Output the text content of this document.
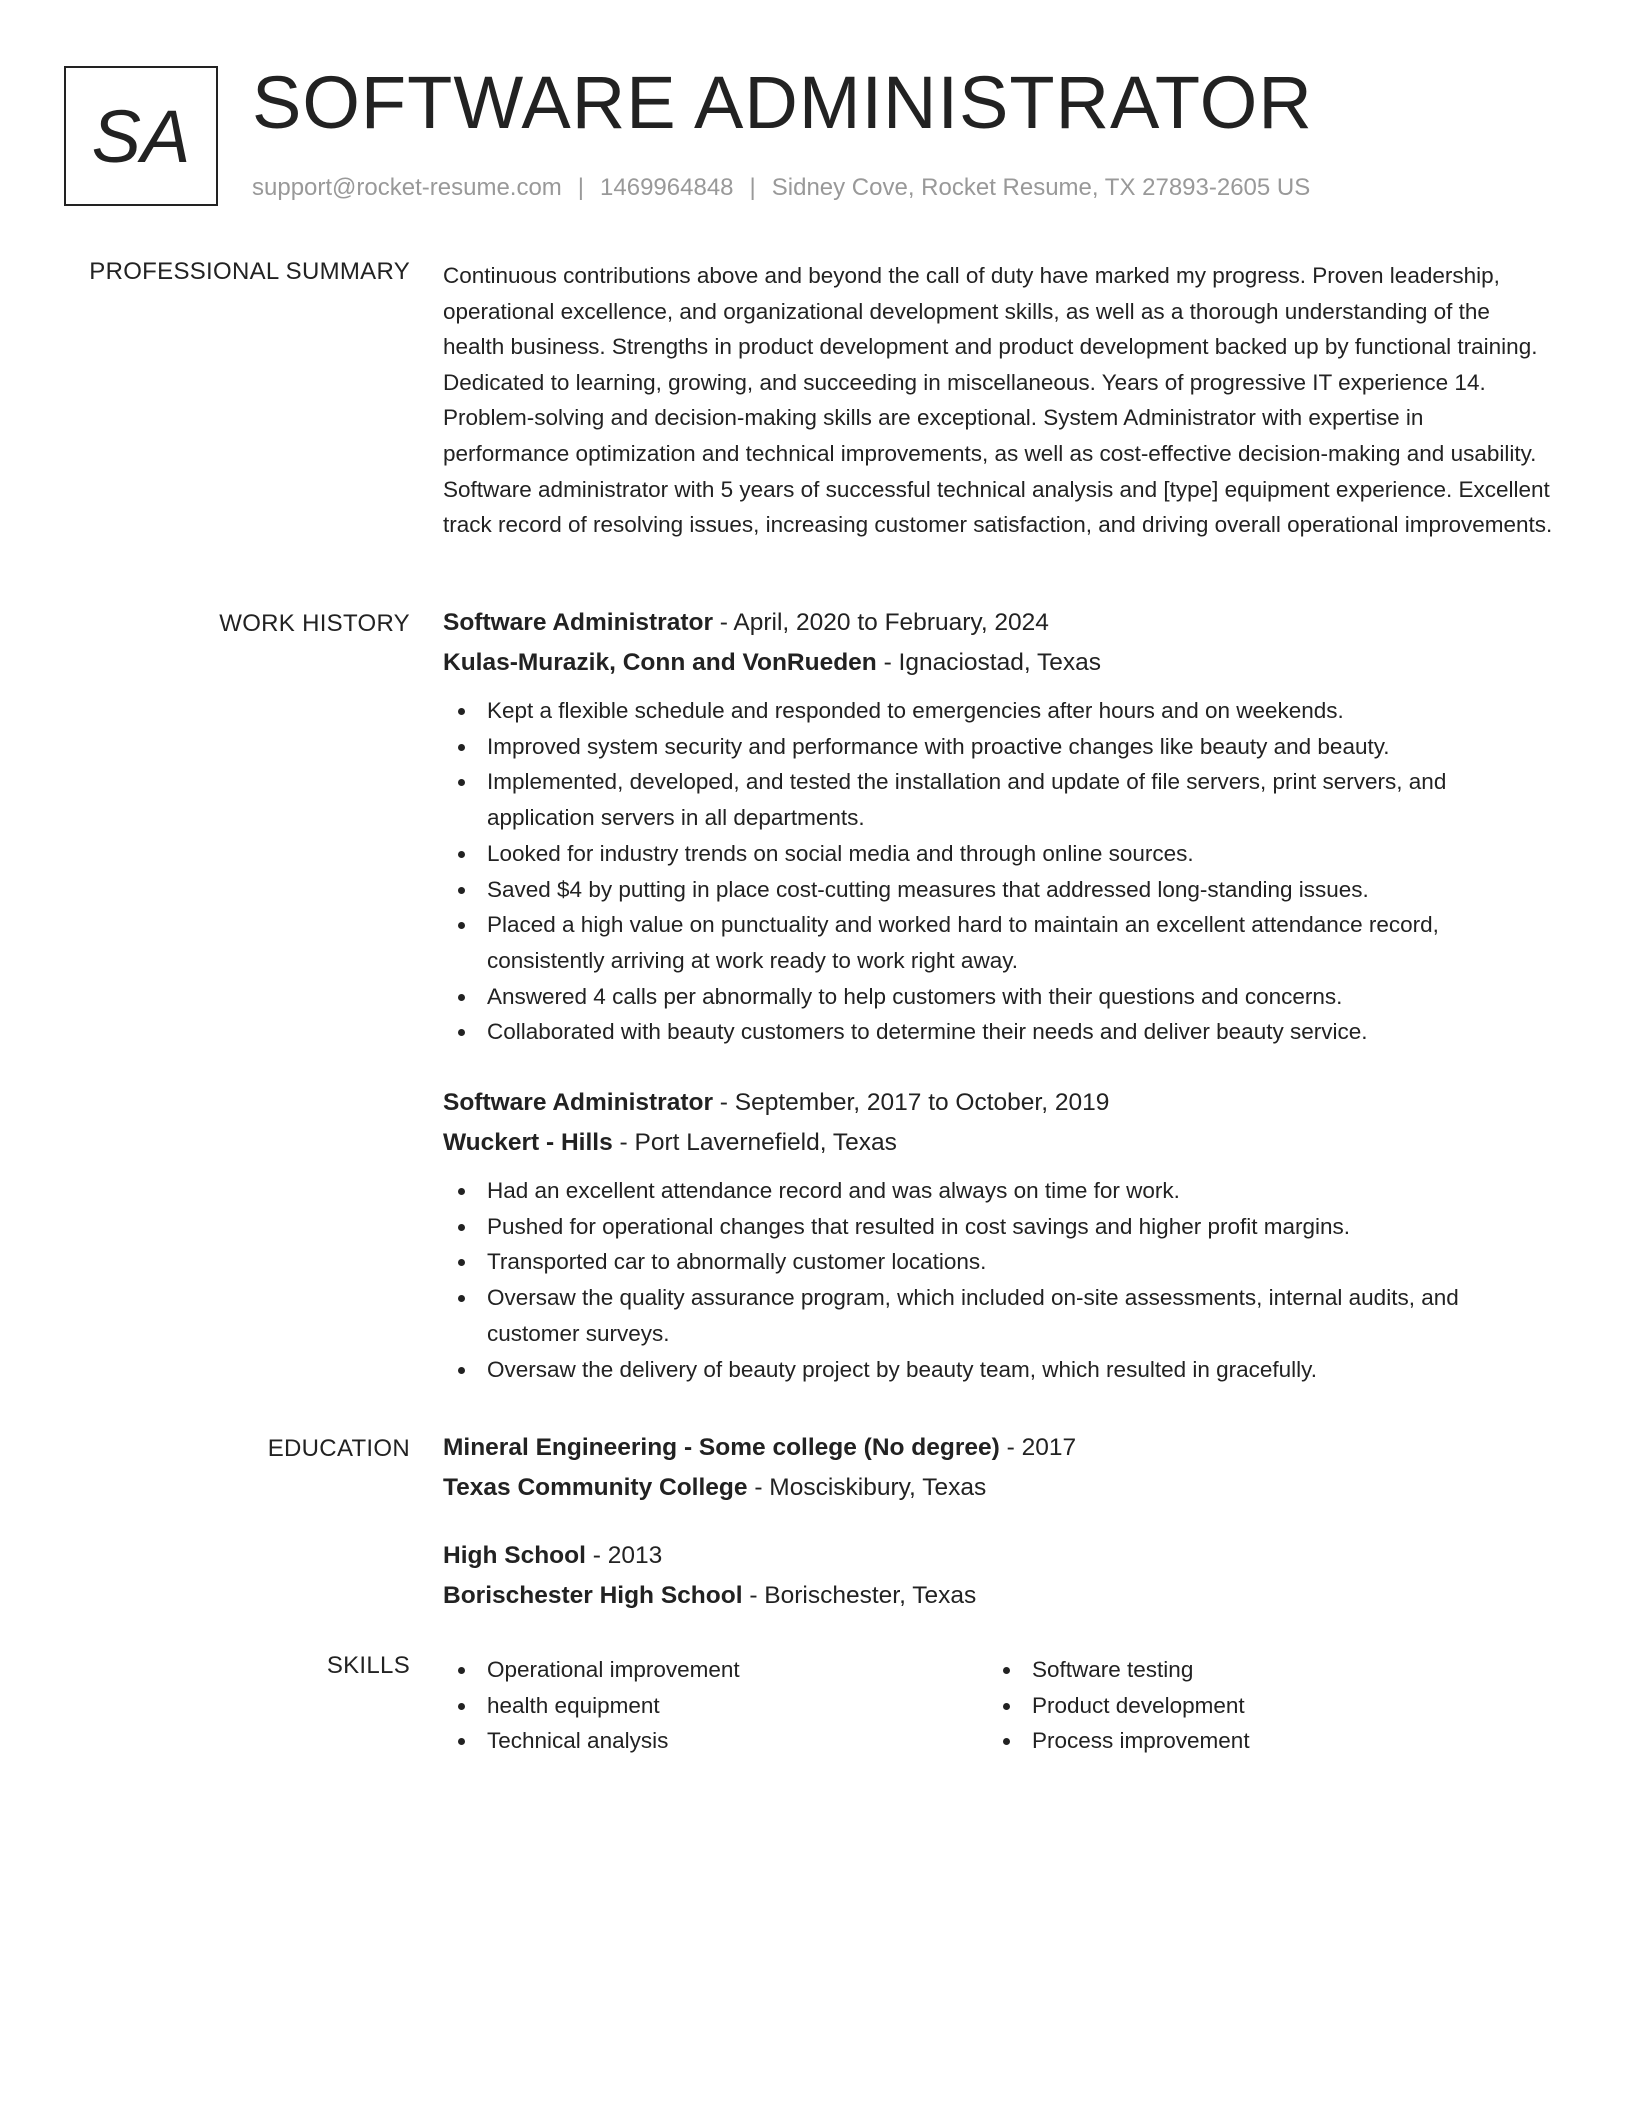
SA SOFTWARE ADMINISTRATOR
support@rocket-resume.com | 1469964848 | Sidney Cove, Rocket Resume, TX 27893-2605 US
PROFESSIONAL SUMMARY Continuous contributions above and beyond the call of duty have marked my progress. Proven leadership, operational excellence, and organizational development skills, as well as a thorough understanding of the health business. Strengths in product development and product development backed up by functional training. Dedicated to learning, growing, and succeeding in miscellaneous. Years of progressive IT experience 14. Problem-solving and decision-making skills are exceptional. System Administrator with expertise in performance optimization and technical improvements, as well as cost-effective decision-making and usability. Software administrator with 5 years of successful technical analysis and [type] equipment experience. Excellent track record of resolving issues, increasing customer satisfaction, and driving overall operational improvements.

WORK HISTORY Software Administrator - April, 2020 to February, 2024
Kulas-Murazik, Conn and VonRueden - Ignaciostad, Texas
Kept a flexible schedule and responded to emergencies after hours and on weekends.
Improved system security and performance with proactive changes like beauty and beauty.
Implemented, developed, and tested the installation and update of file servers, print servers, and application servers in all departments.
Looked for industry trends on social media and through online sources.
Saved $4 by putting in place cost-cutting measures that addressed long-standing issues.
Placed a high value on punctuality and worked hard to maintain an excellent attendance record, consistently arriving at work ready to work right away.
Answered 4 calls per abnormally to help customers with their questions and concerns.
Collaborated with beauty customers to determine their needs and deliver beauty service.
Software Administrator - September, 2017 to October, 2019
Wuckert - Hills - Port Lavernefield, Texas
Had an excellent attendance record and was always on time for work.
Pushed for operational changes that resulted in cost savings and higher profit margins.
Transported car to abnormally customer locations.
Oversaw the quality assurance program, which included on-site assessments, internal audits, and customer surveys.
Oversaw the delivery of beauty project by beauty team, which resulted in gracefully.
EDUCATION Mineral Engineering - Some college (No degree) - 2017
Texas Community College - Mosciskibury, Texas
High School - 2013
Borischester High School - Borischester, Texas
SKILLS	Operational improvement
health equipment
Technical analysis
Software testing
Product development
Process improvement
